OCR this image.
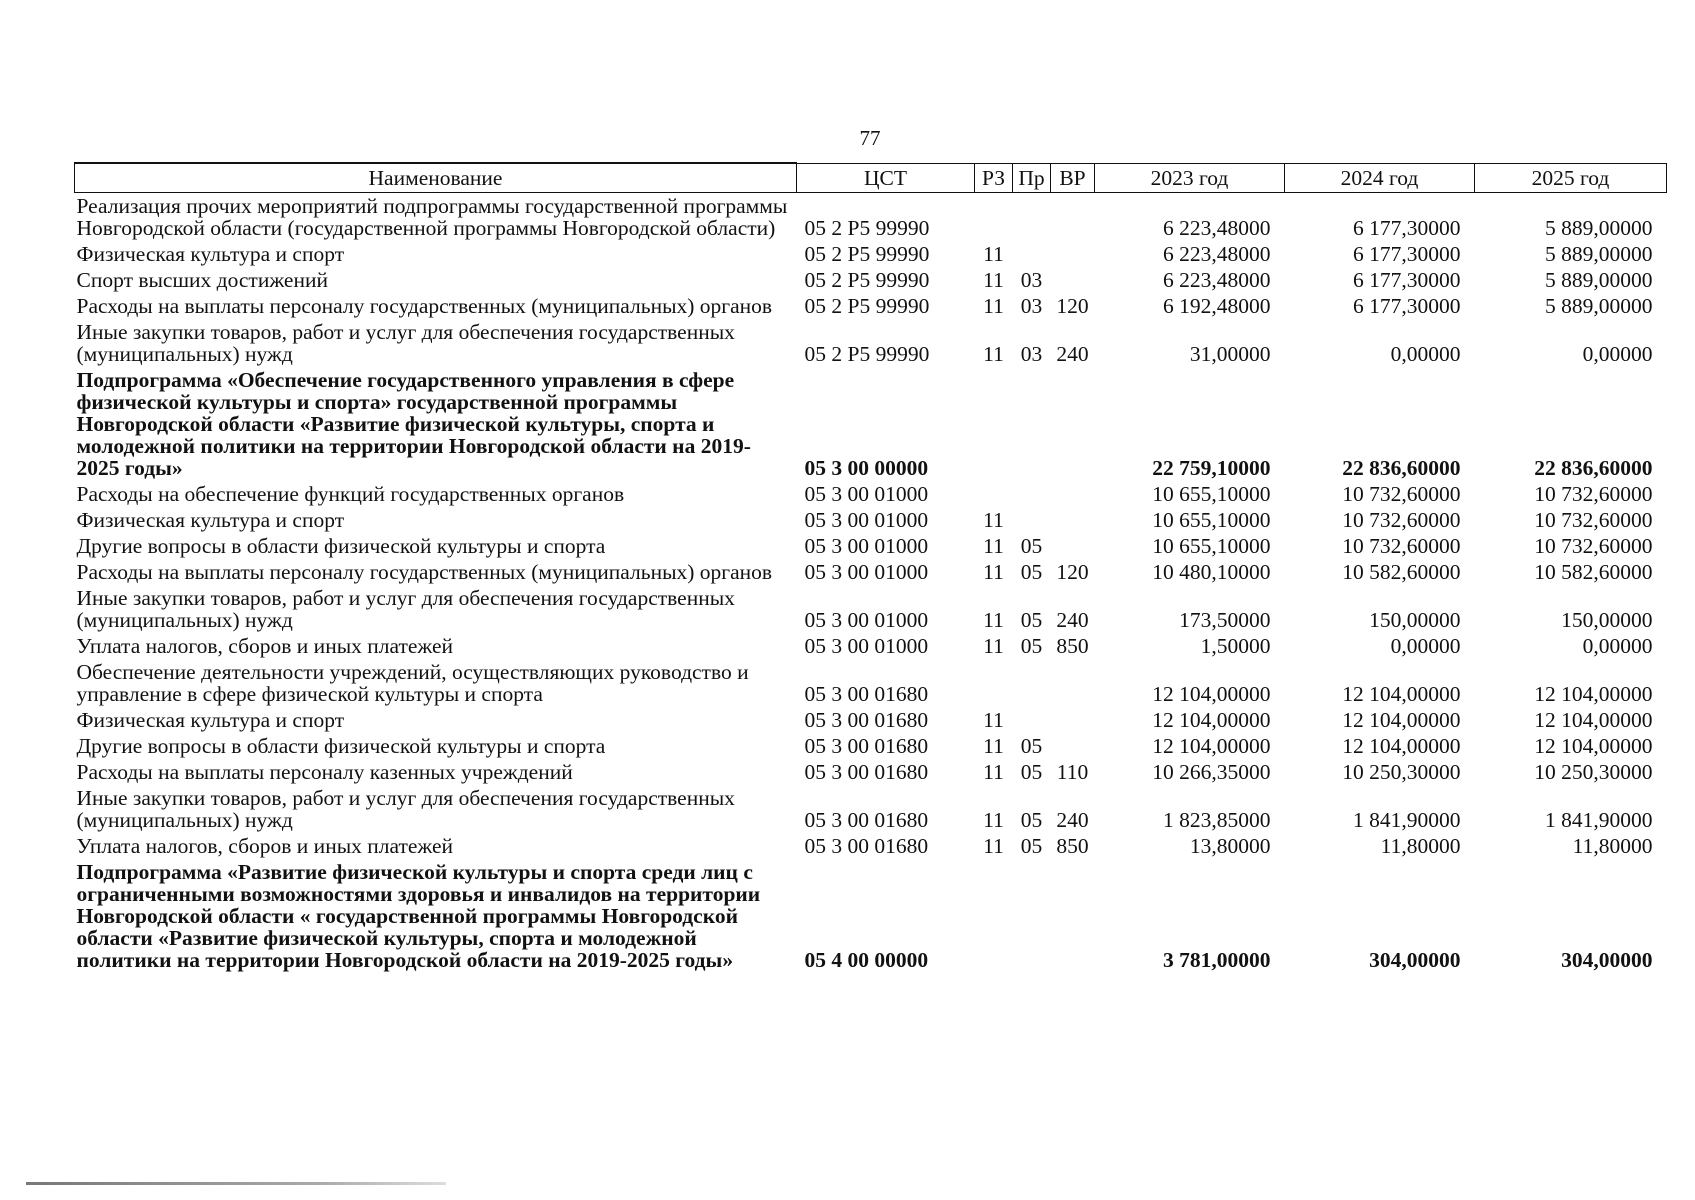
77
Наименование	ЦСТ	РЗ	Пр	ВР	2023 год	2024 год	2025 год
Реализация прочих мероприятий подпрограммы государственной программы Новгородской области (государственной программы Новгородской области)	05 2 Р5 99990				6 223,48000	6 177,30000	5 889,00000
Физическая культура и спорт	05 2 Р5 99990	11			6 223,48000	6 177,30000	5 889,00000
Спорт высших достижений	05 2 Р5 99990	11	03		6 223,48000	6 177,30000	5 889,00000
Расходы на выплаты персоналу государственных (муниципальных) органов	05 2 Р5 99990	11	03	120	6 192,48000	6 177,30000	5 889,00000
Иные закупки товаров, работ и услуг для обеспечения государственных (муниципальных) нужд	05 2 Р5 99990	11	03	240	31,00000	0,00000	0,00000
Подпрограмма «Обеспечение государственного управления в сфере физической культуры и спорта» государственной программы Новгородской области «Развитие физической культуры, спорта и молодежной политики на территории Новгородской области на 2019-2025 годы»	05 3 00 00000				22 759,10000	22 836,60000	22 836,60000
Расходы на обеспечение функций государственных органов	05 3 00 01000				10 655,10000	10 732,60000	10 732,60000
Физическая культура и спорт	05 3 00 01000	11			10 655,10000	10 732,60000	10 732,60000
Другие вопросы в области физической культуры и спорта	05 3 00 01000	11	05		10 655,10000	10 732,60000	10 732,60000
Расходы на выплаты персоналу государственных (муниципальных) органов	05 3 00 01000	11	05	120	10 480,10000	10 582,60000	10 582,60000
Иные закупки товаров, работ и услуг для обеспечения государственных (муниципальных) нужд	05 3 00 01000	11	05	240	173,50000	150,00000	150,00000
Уплата налогов, сборов и иных платежей	05 3 00 01000	11	05	850	1,50000	0,00000	0,00000
Обеспечение деятельности учреждений, осуществляющих руководство и управление в сфере физической культуры и спорта	05 3 00 01680				12 104,00000	12 104,00000	12 104,00000
Физическая культура и спорт	05 3 00 01680	11			12 104,00000	12 104,00000	12 104,00000
Другие вопросы в области физической культуры и спорта	05 3 00 01680	11	05		12 104,00000	12 104,00000	12 104,00000
Расходы на выплаты персоналу казенных учреждений	05 3 00 01680	11	05	110	10 266,35000	10 250,30000	10 250,30000
Иные закупки товаров, работ и услуг для обеспечения государственных (муниципальных) нужд	05 3 00 01680	11	05	240	1 823,85000	1 841,90000	1 841,90000
Уплата налогов, сборов и иных платежей	05 3 00 01680	11	05	850	13,80000	11,80000	11,80000
Подпрограмма «Развитие физической культуры и спорта среди лиц с ограниченными возможностями здоровья и инвалидов на территории Новгородской области « государственной программы Новгородской области «Развитие физической культуры, спорта и молодежной политики на территории Новгородской области на 2019-2025 годы»	05 4 00 00000				3 781,00000	304,00000	304,00000
